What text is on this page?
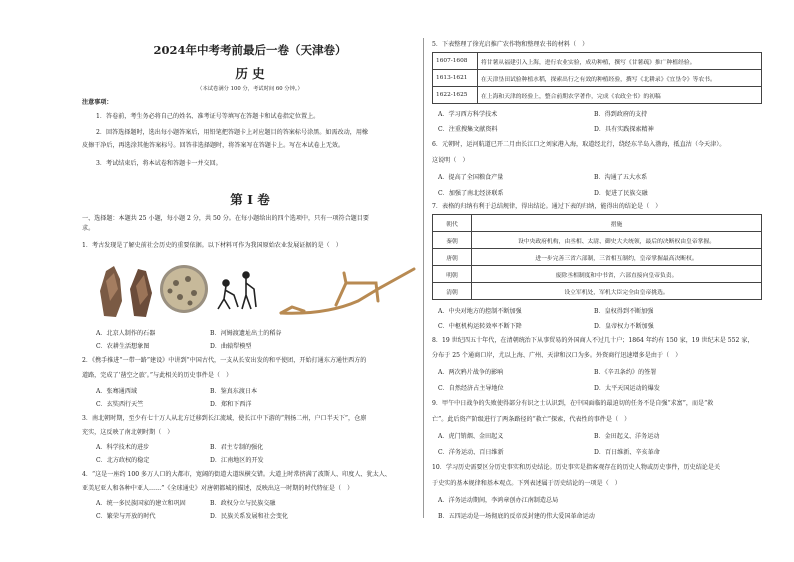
2024年中考考前最后一卷（天津卷）
历 史
（本试卷满分 100 分，考试时间 60 分钟。）
注意事项：
1．答卷前，考生务必将自己的姓名、准考证号等填写在答题卡和试卷指定位置上。
2．回答选择题时，选出每小题答案后，用铅笔把答题卡上对应题目的答案标号涂黑。如需改动，用橡
皮擦干净后，再选涂其他答案标号。回答非选择题时，将答案写在答题卡上。写在本试卷上无效。
3．考试结束后，将本试卷和答题卡一并交回。
第 I 卷
一、选择题：本题共 25 小题，每小题 2 分，共 50 分。在每小题给出的四个选项中，只有一项符合题目要
求。
1．考古发现是了解史前社会历史的重要依据。以下材料可作为我国原始农业发展证据的是（　）
A．北京人制作的石器	B．河姆渡遗址出土的稻谷
C．农耕生活想象图	D．曲辕犁模型
2．《携手推进“一带一路”建设》中讲到“中国古代，一支从长安出发的和平使团，开始打通东方通往西方的
道路，完成了‘凿空之旅’。”与此相关的历史事件是（　）
A．张骞通西域	B．鉴真东渡日本
C．玄奘西行天竺	D．郑和下西洋
3．南北朝时期，至少有七十万人从北方迁移到长江流域，使长江中下游的“荆扬二州，户口半天下”，仓廪
充实，这反映了南北朝时期（　）
A．科学技术的进步	B．君主专制的强化
C．北方政权的稳定	D．江南地区的开发
4．“这是一座约 100 多万人口的大都市，宽阔的街道大道纵横交错。大道上时常挤满了波斯人、印度人、犹太人、
亚美尼亚人和各种中亚人……”《全球通史》对唐朝都城的描述，反映出这一时期的时代特征是（　）
A．统一多民族国家的建立和巩固	B．政权分立与民族交融
C．繁荣与开放的时代	D．民族关系发展和社会变化
5．下表整理了徐光启推广农作物和整理农书的材料（　）
1607-1608	将甘薯从福建引入上海，进行农业实验，成功种植，撰写《甘薯疏》推广种植经验。
1613-1621	在天津垦田试验种植水稻，探索出行之有效的种植经验，撰写《北耕录》《宜垦令》等农书。
1622-1625	在上海和天津的经验上，整合前期农学著作，完成《农政全书》的初稿
A．学习西方科学技术	B．得到政府的支持
C．注重搜集文献资料	D．具有实践探索精神
6．元朝时，运河航道已开二月由长江口之刘家港入海，取道经北行，绕经东半岛入渤海，抵直沽（今天津）。
这说明（　）
A．提高了全国粮食产量	B．沟通了五大水系
C．加强了南北经济联系	D．促进了民族交融
7．表格的归纳有利于总结规律，得出结论。通过下表的归纳，能得出的结论是（　）
朝代	措施
秦朝	设中央政府机构，由丞相、太尉、御史大夫统领，最后的决断权由皇帝掌握。
唐朝	进一步完善三省六部制，三省相互制约，皇帝掌握最高决断权。
明朝	废除丞相制度和中书省，六部直接向皇帝负责。
清朝	设立军机处，军机大臣完全由皇帝挑选。
A．中央对地方的控制不断加强	B．皇权得到不断加强
C．中枢机构运转效率不断下降	D．皇帝权力不断加强
8．19 世纪四五十年代，在清朝统治下从事贸易的外国商人不过几十户；1864 年约有 150 家，19 世纪末是 552 家，
分布于 25 个通商口岸，尤以上海、广州、天津和汉口为多。外资商行迅速增多是由于（　）
A．两次鸦片战争的影响	B．《辛丑条约》的签署
C．自然经济占主导地位	D．太平天国运动的爆发
9．甲午中日战争的失败使得部分有识之士认识到，在中国面临的最迫切的任务不是自强“求富”，而是“救
亡”。此后资产阶级进行了两条路径的“救亡”探索，代表性的事件是（　）
A．虎门销烟、金田起义	B．金田起义、洋务运动
C．洋务运动、百日维新	D．百日维新、辛亥革命
10．学习历史需要区分历史事实和历史结论。历史事实是指客观存在的历史人物或历史事件，历史结论是关
于史实的基本规律和基本观点。下列表述属于历史结论的一项是（　）
A．洋务运动期间，李鸿章创办江南制造总局
B．五四运动是一场彻底的反帝反封建的伟大爱国革命运动
